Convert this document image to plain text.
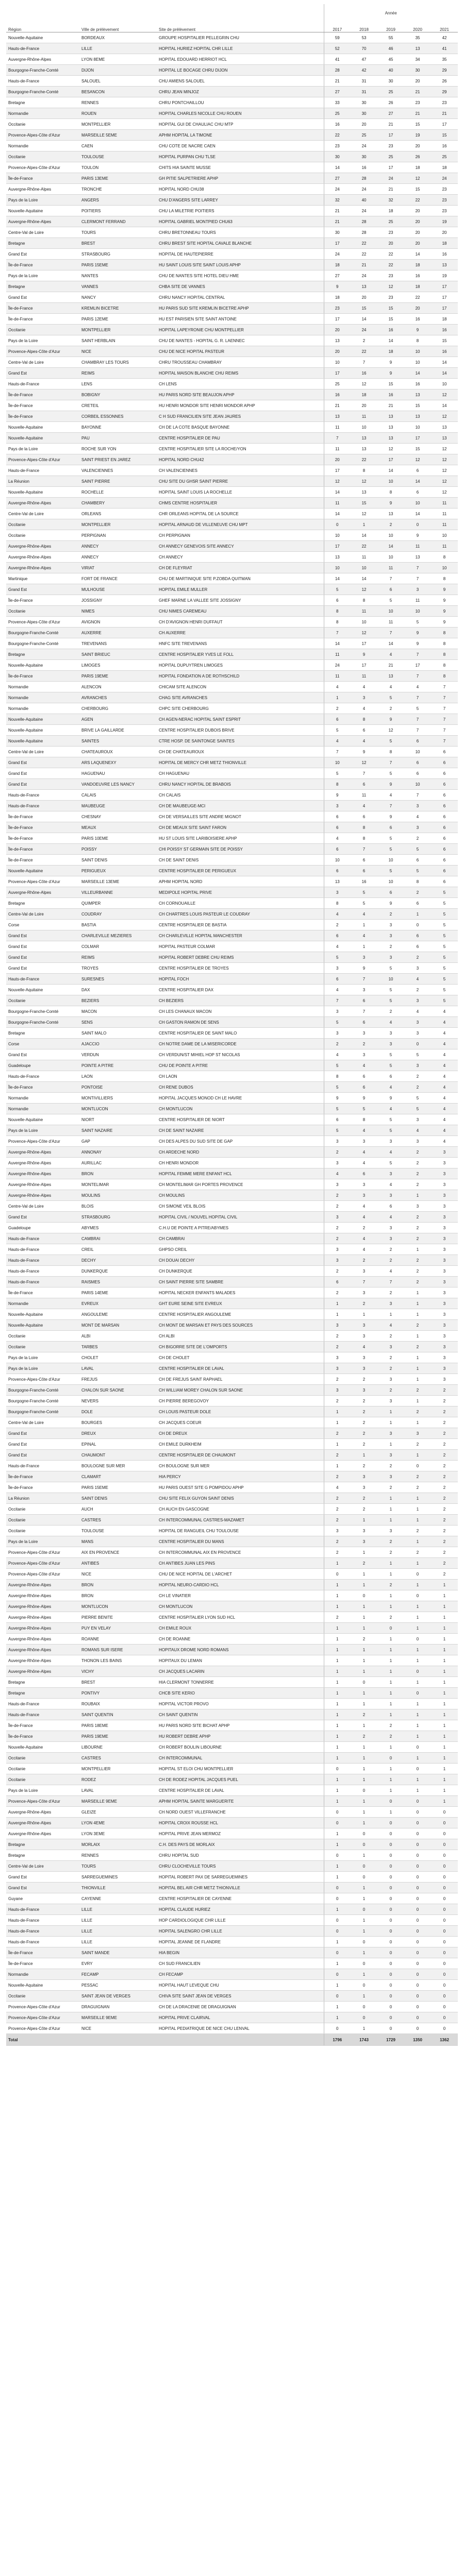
			Année				
Région	Ville de prélèvement	Site de prélèvement	2017	2018	2019	2020	2021
Nouvelle-Aquitaine	BORDEAUX	GROUPE HOSPITALIER PELLEGRIN CHU	59	53	55	35	42
Hauts-de-France	LILLE	HOPITAL HURIEZ HOPITAL CHR LILLE	52	70	46	13	41
Auvergne-Rhône-Alpes	LYON 8EME	HOPITAL EDOUARD HERRIOT HCL	41	47	45	34	35
Bourgogne-Franche-Comté	DIJON	HOPITAL LE BOCAGE CHRU DIJON	28	42	40	30	29
Hauts-de-France	SALOUEL	CHU AMIENS SALOUEL	21	31	30	20	26
Bourgogne-Franche-Comté	BESANCON	CHRU JEAN MINJOZ	27	31	25	21	29
Bretagne	RENNES	CHRU PONTCHAILLOU	33	30	26	23	23
Normandie	ROUEN	HOPITAL CHARLES NICOLLE CHU ROUEN	25	30	27	21	21
Occitanie	MONTPELLIER	HOPITAL GUI DE CHAULIAC CHU MTP	16	20	21	15	17
Provence-Alpes-Côte d'Azur	MARSEILLE 5EME	APHM HOPITAL LA TIMONE	22	25	17	19	15
Normandie	CAEN	CHU COTE DE NACRE CAEN	23	24	23	20	16
Occitanie	TOULOUSE	HOPITAL PURPAN CHU TLSE	30	30	25	26	25
Provence-Alpes-Côte d'Azur	TOULON	CHITS HIA SAINTE MUSSE	14	16	17	18	18
Île-de-France	PARIS 13EME	GH PITIE SALPETRIERE APHP	27	28	24	12	24
Auvergne-Rhône-Alpes	TRONCHE	HOPITAL NORD CHU38	24	24	21	15	23
Pays de la Loire	ANGERS	CHU D'ANGERS SITE LARREY	32	40	32	22	23
Nouvelle-Aquitaine	POITIERS	CHU LA MILETRIE POITIERS	21	24	18	20	23
Auvergne-Rhône-Alpes	CLERMONT FERRAND	HOPITAL GABRIEL MONTPIED CHU63	21	28	25	20	19
Centre-Val de Loire	TOURS	CHRU BRETONNEAU TOURS	30	28	23	20	20
Bretagne	BREST	CHRU BREST SITE HOPITAL CAVALE BLANCHE	17	22	20	20	18
Grand Est	STRASBOURG	HOPITAL DE HAUTEPIERRE	24	22	22	14	16
Île-de-France	PARIS 15EME	HU SAINT LOUIS SITE SAINT LOUIS APHP	18	21	22	18	13
Pays de la Loire	NANTES	CHU DE NANTES SITE HOTEL DIEU HME	27	24	23	16	19
Bretagne	VANNES	CHBA SITE DE VANNES	9	13	12	18	17
Grand Est	NANCY	CHRU NANCY HOPITAL CENTRAL	18	20	23	22	17
Île-de-France	KREMLIN BICETRE	HU PARIS SUD SITE KREMLIN BICETRE APHP	23	15	15	20	17
Île-de-France	PARIS 12EME	HU EST PARISIEN SITE SAINT ANTOINE	17	14	15	16	18
Occitanie	MONTPELLIER	HOPITAL LAPEYRONIE CHU MONTPELLIER	20	24	16	9	16
Pays de la Loire	SAINT HERBLAIN	CHU DE NANTES - HOPITAL G. R. LAENNEC	13	2	14	8	15
Provence-Alpes-Côte d'Azur	NICE	CHU DE NICE HOPITAL PASTEUR	20	22	18	10	16
Centre-Val de Loire	CHAMBRAY LES TOURS	CHRU TROUSSEAU CHAMBRAY	10	7	9	10	14
Grand Est	REIMS	HOPITAL MAISON BLANCHE CHU REIMS	17	16	9	14	14
Hauts-de-France	LENS	CH LENS	25	12	15	16	10
Île-de-France	BOBIGNY	HU PARIS NORD SITE BEAUJON APHP	16	18	16	13	12
Île-de-France	CRETEIL	HU HENRI MONDOR SITE HENRI MONDOR APHP	21	20	21	15	14
Île-de-France	CORBEIL ESSONNES	C H SUD FRANCILIEN SITE JEAN JAURES	13	11	13	13	12
Nouvelle-Aquitaine	BAYONNE	CH DE LA COTE BASQUE BAYONNE	11	10	13	10	13
Nouvelle-Aquitaine	PAU	CENTRE HOSPITALIER DE PAU	7	13	13	17	13
Pays de la Loire	ROCHE SUR YON	CENTRE HOSPITALIER SITE LA ROCHE/YON	11	13	12	15	12
Provence-Alpes-Côte d'Azur	SAINT PRIEST EN JAREZ	HOPITAL NORD CHU42	20	22	17	12	12
Hauts-de-France	VALENCIENNES	CH VALENCIENNES	17	8	14	6	12
La Réunion	SAINT PIERRE	CHU SITE DU GHSR SAINT PIERRE	12	12	10	14	12
Nouvelle-Aquitaine	ROCHELLE	HOPITAL SAINT LOUIS LA ROCHELLE	14	13	8	6	12
Auvergne-Rhône-Alpes	CHAMBERY	CHMS CENTRE HOSPITALIER	11	15	9	10	11
Centre-Val de Loire	ORLEANS	CHR ORLEANS HOPITAL DE LA SOURCE	14	12	13	14	11
Occitanie	MONTPELLIER	HOPITAL ARNAUD DE VILLENEUVE CHU MPT	0	1	2	0	11
Occitanie	PERPIGNAN	CH PERPIGNAN	10	14	10	9	10
Auvergne-Rhône-Alpes	ANNECY	CH ANNECY GENEVOIS SITE ANNECY	17	22	14	11	11
Auvergne-Rhône-Alpes	ANNECY	CH ANNECY	13	11	10	13	8
Auvergne-Rhône-Alpes	VIRIAT	CH DE FLEYRIAT	10	10	11	7	10
Martinique	FORT DE FRANCE	CHU DE MARTINIQUE SITE P.ZOBDA QUITMAN	14	14	7	7	8
Grand Est	MULHOUSE	HOPITAL EMILE MULLER	5	12	6	3	9
Île-de-France	JOSSIGNY	GHEF MARNE LA VALLEE SITE JOSSIGNY	6	8	5	11	9
Occitanie	NIMES	CHU NIMES CAREMEAU	8	11	10	10	9
Provence-Alpes-Côte d'Azur	AVIGNON	CH D'AVIGNON HENRI DUFFAUT	8	10	11	5	9
Bourgogne-Franche-Comté	AUXERRE	CH AUXERRE	7	12	7	9	8
Bourgogne-Franche-Comté	TREVENANS	HNFC SITE TREVENANS	14	17	14	9	8
Bretagne	SAINT BRIEUC	CENTRE HOSPITALIER YVES LE FOLL	11	9	4	7	8
Nouvelle-Aquitaine	LIMOGES	HOPITAL DUPUYTREN LIMOGES	24	17	21	17	8
Île-de-France	PARIS 19EME	HOPITAL FONDATION A DE ROTHSCHILD	11	11	13	7	8
Normandie	ALENCON	CHICAM SITE ALENCON	4	4	4	4	7
Normandie	AVRANCHES	CHAG SITE AVRANCHES	1	3	5	7	7
Normandie	CHERBOURG	CHPC SITE CHERBOURG	2	4	2	5	7
Nouvelle-Aquitaine	AGEN	CH AGEN-NERAC HOPITAL SAINT ESPRIT	6	8	9	7	7
Nouvelle-Aquitaine	BRIVE LA GAILLARDE	CENTRE HOSPITALIER DUBOIS BRIVE	5	6	12	7	7
Nouvelle-Aquitaine	SAINTES	CTRE HOSP. DE SAINTONGE SAINTES	4	4	5	6	7
Centre-Val de Loire	CHATEAUROUX	CH DE CHATEAUROUX	7	9	8	10	6
Grand Est	ARS LAQUENEXY	HOPITAL DE MERCY CHR METZ THIONVILLE	10	12	7	6	6
Grand Est	HAGUENAU	CH HAGUENAU	5	7	5	6	6
Grand Est	VANDOEUVRE LES NANCY	CHRU NANCY HOPITAL DE BRABOIS	8	6	9	10	6
Hauts-de-France	CALAIS	CH CALAIS	9	11	4	7	6
Hauts-de-France	MAUBEUGE	CH DE MAUBEUGE-MCI	3	4	7	3	6
Île-de-France	CHESNAY	CH DE VERSAILLES SITE ANDRE MIGNOT	6	6	9	4	6
Île-de-France	MEAUX	CH DE MEAUX SITE SAINT FARON	6	8	6	3	6
Île-de-France	PARIS 10EME	HU ST LOUIS SITE LARIBOISIERE APHP	4	8	5	2	6
Île-de-France	POISSY	CHI POISSY ST GERMAIN SITE DE POISSY	6	7	5	5	6
Île-de-France	SAINT DENIS	CH DE SAINT DENIS	10	6	10	6	6
Nouvelle-Aquitaine	PERIGUEUX	CENTRE HOSPITALIER DE PERIGUEUX	6	6	5	5	6
Provence-Alpes-Côte d'Azur	MARSEILLE 13EME	APHM HOPITAL NORD	13	16	10	8	6
Auvergne-Rhône-Alpes	VILLEURBANNE	MEDIPOLE HOPITAL PRIVE	3	5	6	2	5
Bretagne	QUIMPER	CH CORNOUAILLE	8	5	9	6	5
Centre-Val de Loire	COUDRAY	CH CHARTRES LOUIS PASTEUR LE COUDRAY	4	4	2	1	5
Corse	BASTIA	CENTRE HOSPITALIER DE BASTIA	2	1	3	0	5
Grand Est	CHARLEVILLE MEZIERES	CH CHARLEVILLE HOPITAL MANCHESTER	6	4	3	6	5
Grand Est	COLMAR	HOPITAL PASTEUR COLMAR	4	1	2	6	5
Grand Est	REIMS	HOPITAL ROBERT DEBRE CHU REIMS	5	3	3	2	5
Grand Est	TROYES	CENTRE HOSPITALIER DE TROYES	3	9	5	3	5
Hauts-de-France	SURESNES	HOPITAL FOCH	6	7	10	4	5
Nouvelle-Aquitaine	DAX	CENTRE HOSPITALIER DAX	4	3	5	2	5
Occitanie	BEZIERS	CH BEZIERS	7	6	5	3	5
Bourgogne-Franche-Comté	MACON	CH LES CHANAUX MACON	3	7	2	4	4
Bourgogne-Franche-Comté	SENS	CH GASTON RAMON DE SENS	5	6	4	3	4
Bretagne	SAINT MALO	CENTRE HOSPITALIER DE SAINT MALO	3	3	3	3	4
Corse	AJACCIO	CH NOTRE DAME DE LA MISERICORDE	2	2	3	0	4
Grand Est	VERDUN	CH VERDUN/ST MIHIEL HOP ST NICOLAS	4	3	5	5	4
Guadeloupe	POINTE A PITRE	CHU DE POINTE A PITRE	5	4	5	3	4
Hauts-de-France	LAON	CH LAON	8	6	6	2	4
Île-de-France	PONTOISE	CH RENE DUBOS	5	6	4	2	4
Normandie	MONTIVILLIERS	HOPITAL JACQUES MONOD CH LE HAVRE	9	9	9	5	4
Normandie	MONTLUCON	CH MONTLUCON	5	5	4	5	4
Nouvelle-Aquitaine	NIORT	CENTRE HOSPITALIER DE NIORT	6	8	5	3	4
Pays de la Loire	SAINT NAZAIRE	CH DE SAINT NAZAIRE	5	4	5	4	4
Provence-Alpes-Côte d'Azur	GAP	CH DES ALPES DU SUD SITE DE GAP	3	3	3	3	4
Auvergne-Rhône-Alpes	ANNONAY	CH ARDECHE NORD	2	4	4	2	3
Auvergne-Rhône-Alpes	AURILLAC	CH HENRI MONDOR	3	4	5	2	3
Auvergne-Rhône-Alpes	BRON	HOPITAL FEMME MERE ENFANT HCL	4	6	3	2	3
Auvergne-Rhône-Alpes	MONTELIMAR	CH MONTELIMAR GH PORTES PROVENCE	3	3	4	2	3
Auvergne-Rhône-Alpes	MOULINS	CH MOULINS	2	3	3	1	3
Centre-Val de Loire	BLOIS	CH SIMONE VEIL BLOIS	2	4	6	3	3
Grand Est	STRASBOURG	HOPITAL CIVIL / NOUVEL HOPITAL CIVIL	3	4	4	2	3
Guadeloupe	ABYMES	C.H.U DE POINTE A PITRE/ABYMES	2	2	3	2	3
Hauts-de-France	CAMBRAI	CH CAMBRAI	2	4	3	2	3
Hauts-de-France	CREIL	GHPSO CREIL	3	4	2	1	3
Hauts-de-France	DECHY	CH DOUAI DECHY	3	2	2	2	3
Hauts-de-France	DUNKERQUE	CH DUNKERQUE	2	3	4	2	3
Hauts-de-France	RAISMES	CH SAINT PIERRE SITE SAMBRE	6	7	7	2	3
Île-de-France	PARIS 14EME	HOPITAL NECKER ENFANTS MALADES	2	3	2	1	3
Normandie	EVREUX	GHT EURE SEINE SITE EVREUX	1	2	3	1	3
Nouvelle-Aquitaine	ANGOULEME	CENTRE HOSPITALIER ANGOULEME	1	1	1	1	3
Nouvelle-Aquitaine	MONT DE MARSAN	CH MONT DE MARSAN ET PAYS DES SOURCES	3	3	4	2	3
Occitanie	ALBI	CH ALBI	2	3	2	1	3
Occitanie	TARBES	CH BIGORRE SITE DE L'OMPORTS	2	4	3	2	3
Pays de la Loire	CHOLET	CH DE CHOLET	3	3	2	1	3
Pays de la Loire	LAVAL	CENTRE HOSPITALIER DE LAVAL	3	3	2	1	3
Provence-Alpes-Côte d'Azur	FREJUS	CH DE FREJUS SAINT RAPHAEL	2	2	3	1	3
Bourgogne-Franche-Comté	CHALON SUR SAONE	CH WILLIAM MOREY CHALON SUR SAONE	3	3	2	2	2
Bourgogne-Franche-Comté	NEVERS	CH PIERRE BEREGOVOY	2	2	3	1	2
Bourgogne-Franche-Comté	DOLE	CH LOUIS PASTEUR DOLE	1	2	1	2	2
Centre-Val de Loire	BOURGES	CH JACQUES COEUR	1	2	1	1	2
Grand Est	DREUX	CH DE DREUX	2	2	3	3	2
Grand Est	EPINAL	CH EMILE DURKHEIM	1	2	1	2	2
Grand Est	CHAUMONT	CENTRE HOSPITALIER DE CHAUMONT	2	1	3	1	2
Hauts-de-France	BOULOGNE SUR MER	CH BOULOGNE SUR MER	1	2	2	0	2
Île-de-France	CLAMART	HIA PERCY	2	3	3	2	2
Île-de-France	PARIS 15EME	HU PARIS OUEST SITE G POMPIDOU APHP	4	3	2	2	2
La Réunion	SAINT DENIS	CHU SITE FELIX GUYON SAINT DENIS	2	2	1	1	2
Occitanie	AUCH	CH AUCH EN GASCOGNE	2	2	1	1	2
Occitanie	CASTRES	CH INTERCOMMUNAL CASTRES-MAZAMET	2	1	1	1	2
Occitanie	TOULOUSE	HOPITAL DE RANGUEIL CHU TOULOUSE	3	3	3	2	2
Pays de la Loire	MANS	CENTRE HOSPITALIER DU MANS	2	3	2	1	2
Provence-Alpes-Côte d'Azur	AIX EN PROVENCE	CH INTERCOMMUNAL AIX EN PROVENCE	2	1	2	2	2
Provence-Alpes-Côte d'Azur	ANTIBES	CH ANTIBES JUAN LES PINS	1	2	1	1	2
Provence-Alpes-Côte d'Azur	NICE	CHU DE NICE HOPITAL DE L'ARCHET	0	1	1	0	2
Auvergne-Rhône-Alpes	BRON	HOPITAL NEURO-CARDIO HCL	1	1	2	1	1
Auvergne-Rhône-Alpes	BRON	CH LE VINATIER	1	0	1	0	1
Auvergne-Rhône-Alpes	MONTLUCON	CH MONTLUCON	1	1	1	1	1
Auvergne-Rhône-Alpes	PIERRE BENITE	CENTRE HOSPITALIER LYON SUD HCL	2	1	2	1	1
Auvergne-Rhône-Alpes	PUY EN VELAY	CH EMILE ROUX	1	1	0	1	1
Auvergne-Rhône-Alpes	ROANNE	CH DE ROANNE	1	2	1	0	1
Auvergne-Rhône-Alpes	ROMANS SUR ISERE	HOPITAUX DROME NORD ROMANS	1	1	1	1	1
Auvergne-Rhône-Alpes	THONON LES BAINS	HOPITAUX DU LEMAN	1	1	1	1	1
Auvergne-Rhône-Alpes	VICHY	CH JACQUES LACARIN	1	1	1	0	1
Bretagne	BREST	HIA CLERMONT TONNERRE	1	0	1	1	1
Bretagne	PONTIVY	CHCB SITE KERIO	1	1	1	0	1
Hauts-de-France	ROUBAIX	HOPITAL VICTOR PROVO	1	1	1	1	1
Hauts-de-France	SAINT QUENTIN	CH SAINT QUENTIN	1	2	1	1	1
Île-de-France	PARIS 18EME	HU PARIS NORD SITE BICHAT APHP	1	1	2	1	1
Île-de-France	PARIS 19EME	HU ROBERT DEBRE APHP	1	2	2	1	1
Nouvelle-Aquitaine	LIBOURNE	CH ROBERT BOULIN LIBOURNE	1	1	1	0	1
Occitanie	CASTRES	CH INTERCOMMUNAL	1	1	0	1	1
Occitanie	MONTPELLIER	HOPITAL ST ELOI CHU MONTPELLIER	0	1	1	0	1
Occitanie	RODEZ	CH DE RODEZ HOPITAL JACQUES PUEL	1	1	1	1	1
Pays de la Loire	LAVAL	CENTRE HOSPITALIER DE LAVAL	1	0	1	1	1
Provence-Alpes-Côte d'Azur	MARSEILLE 9EME	APHM HOPITAL SAINTE MARGUERITE	1	1	0	0	1
Auvergne-Rhône-Alpes	GLEIZE	CH NORD OUEST VILLEFRANCHE	0	1	1	0	0
Auvergne-Rhône-Alpes	LYON 4EME	HOPITAL CROIX ROUSSE HCL	0	1	0	0	0
Auvergne-Rhône-Alpes	LYON 3EME	HOPITAL PRIVE JEAN MERMOZ	1	0	0	0	0
Bretagne	MORLAIX	C.H. DES PAYS DE MORLAIX	1	0	0	0	0
Bretagne	RENNES	CHRU HOPITAL SUD	0	1	0	0	0
Centre-Val de Loire	TOURS	CHRU CLOCHEVILLE TOURS	1	0	0	0	0
Grand Est	SARREGUEMINES	HOPITAL ROBERT PAX DE SARREGUEMINES	1	0	0	0	0
Grand Est	THIONVILLE	HOPITAL BEL AIR CHR METZ THIONVILLE	0	1	0	0	0
Guyane	CAYENNE	CENTRE HOSPITALIER DE CAYENNE	0	1	0	0	0
Hauts-de-France	LILLE	HOPITAL CLAUDE HURIEZ	1	0	0	0	0
Hauts-de-France	LILLE	HOP CARDIOLOGIQUE CHR LILLE	0	1	0	0	0
Hauts-de-France	LILLE	HOPITAL SALENGRO CHR LILLE	0	1	0	0	0
Hauts-de-France	LILLE	HOPITAL JEANNE DE FLANDRE	1	0	0	0	0
Île-de-France	SAINT MANDE	HIA BEGIN	0	1	0	0	0
Île-de-France	EVRY	CH SUD FRANCILIEN	1	0	0	0	0
Normandie	FECAMP	CH FECAMP	0	1	0	0	0
Nouvelle-Aquitaine	PESSAC	HOPITAL HAUT LEVEQUE CHU	1	0	0	0	0
Occitanie	SAINT JEAN DE VERGES	CHIVA SITE SAINT JEAN DE VERGES	0	1	0	0	0
Provence-Alpes-Côte d'Azur	DRAGUIGNAN	CH DE LA DRACENIE DE DRAGUIGNAN	1	0	0	0	0
Provence-Alpes-Côte d'Azur	MARSEILLE 9EME	HOPITAL PRIVE CLAIRVAL	1	0	0	0	0
Provence-Alpes-Côte d'Azur	NICE	HOPITAL PEDIATRIQUE DE NICE CHU LENVAL	0	1	0	0	0
Total			1796	1743	1729	1350	1362
